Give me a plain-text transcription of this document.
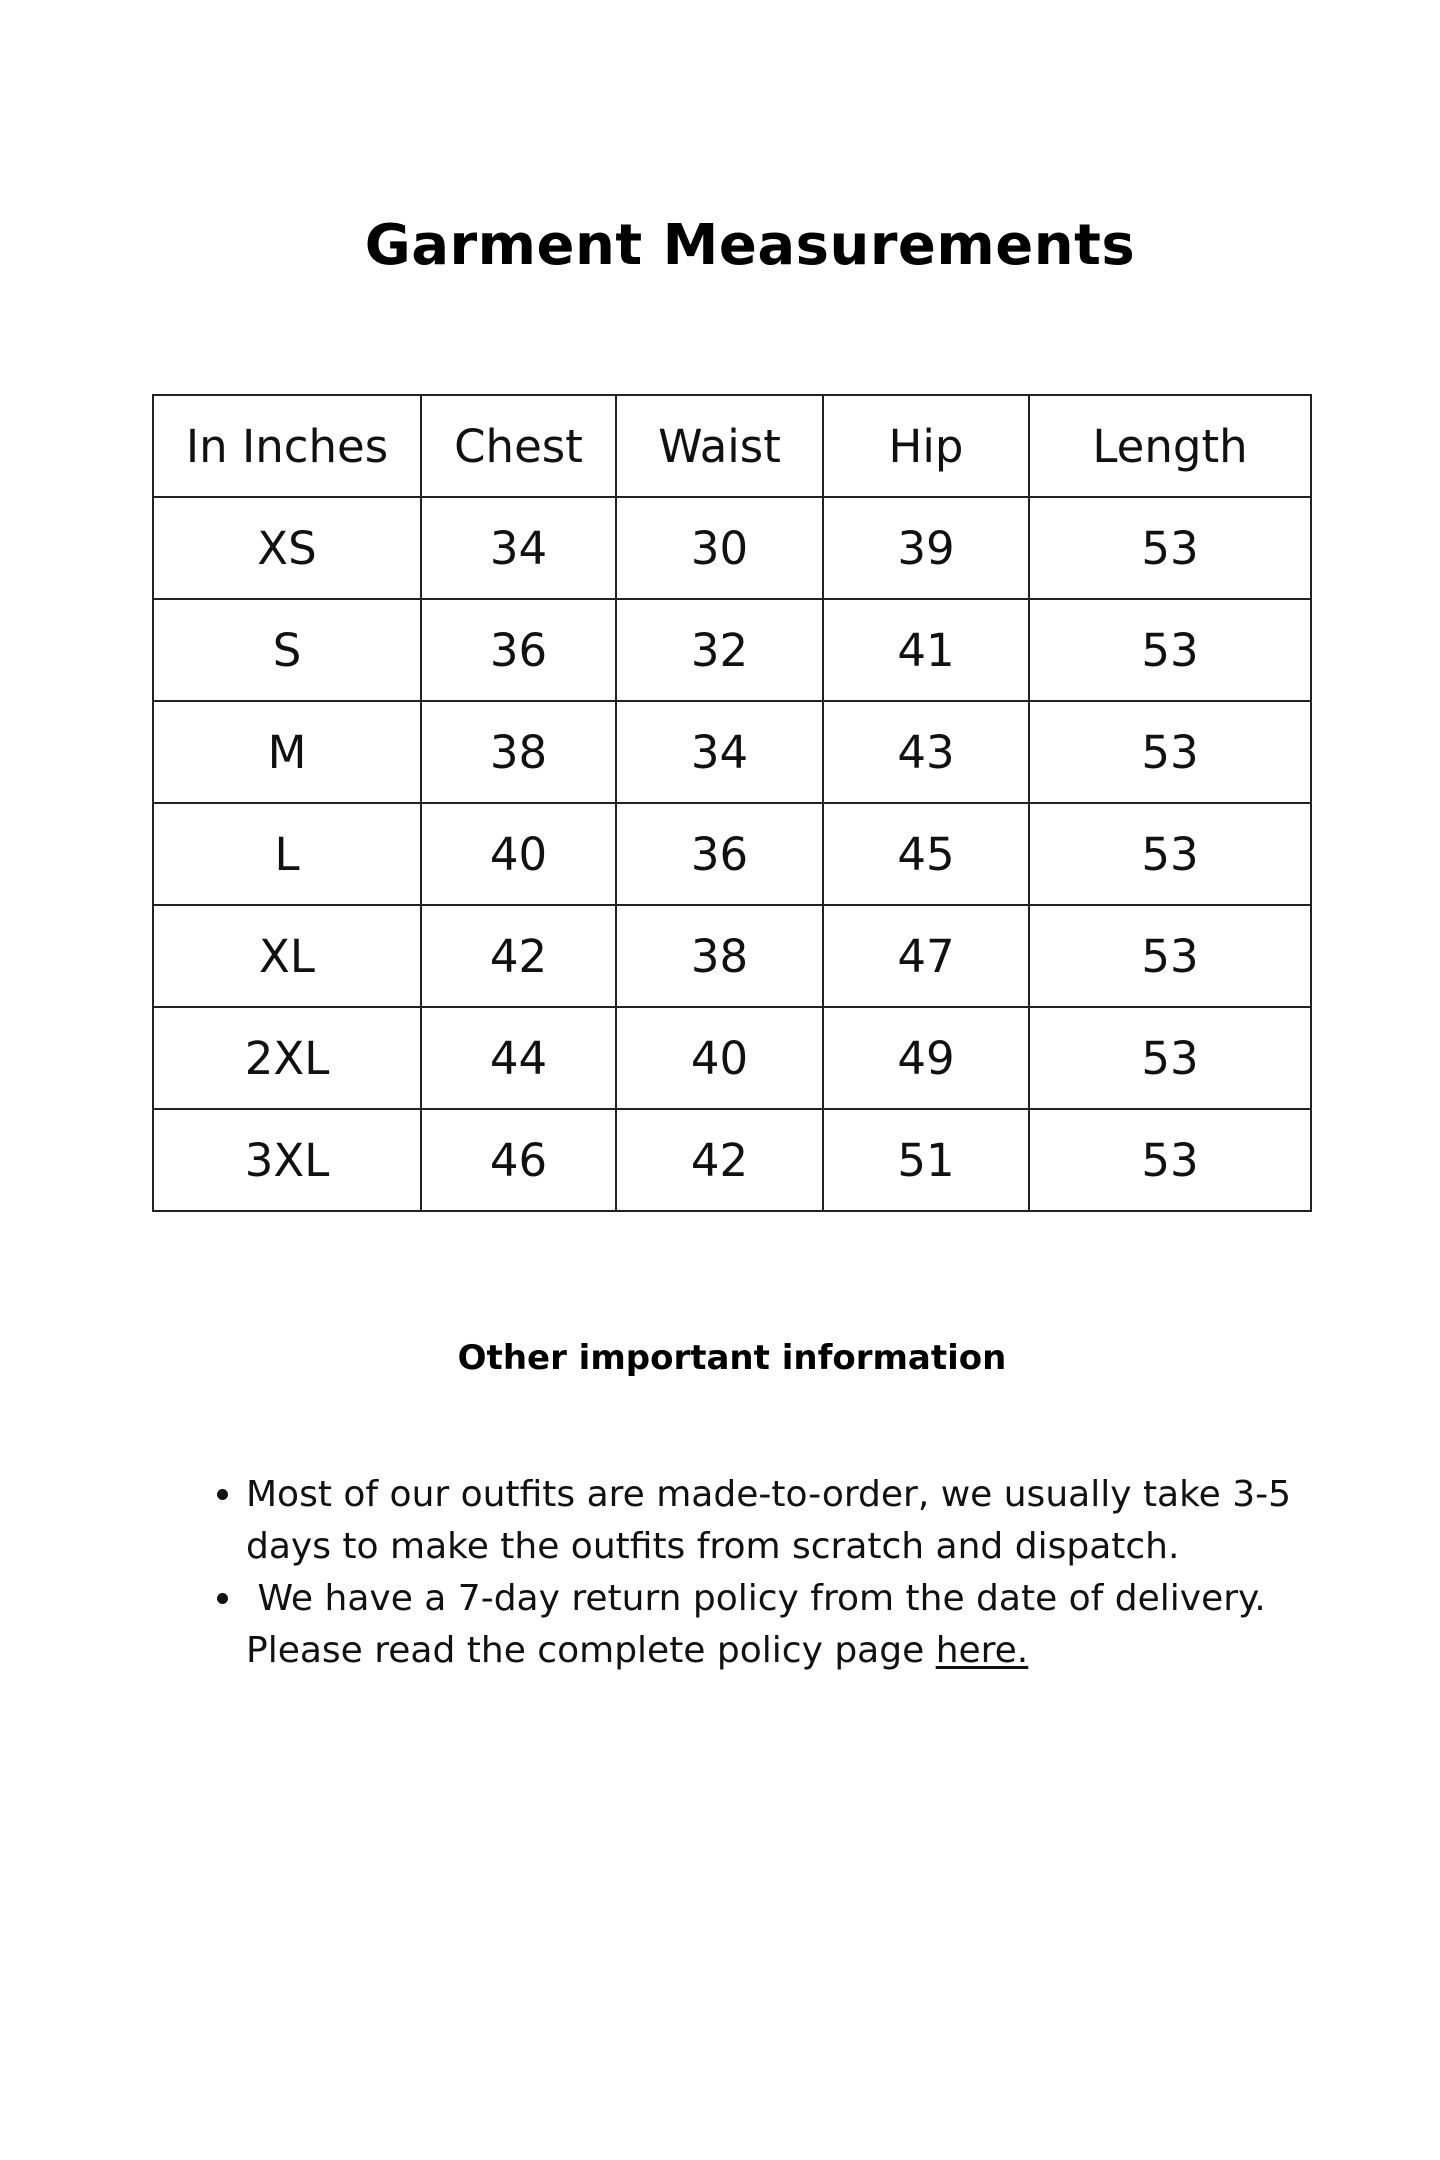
Garment Measurements
In Inches	Chest	Waist	Hip	Length
XS	34	30	39	53
S	36	32	41	53
M	38	34	43	53
L	40	36	45	53
XL	42	38	47	53
2XL	44	40	49	53
3XL	46	42	51	53
Other important information
Most of our outfits are made-to-order, we usually take 3-5 days to make the outfits from scratch and dispatch.
We have a 7-day return policy from the date of delivery.
Please read the complete policy page here.
